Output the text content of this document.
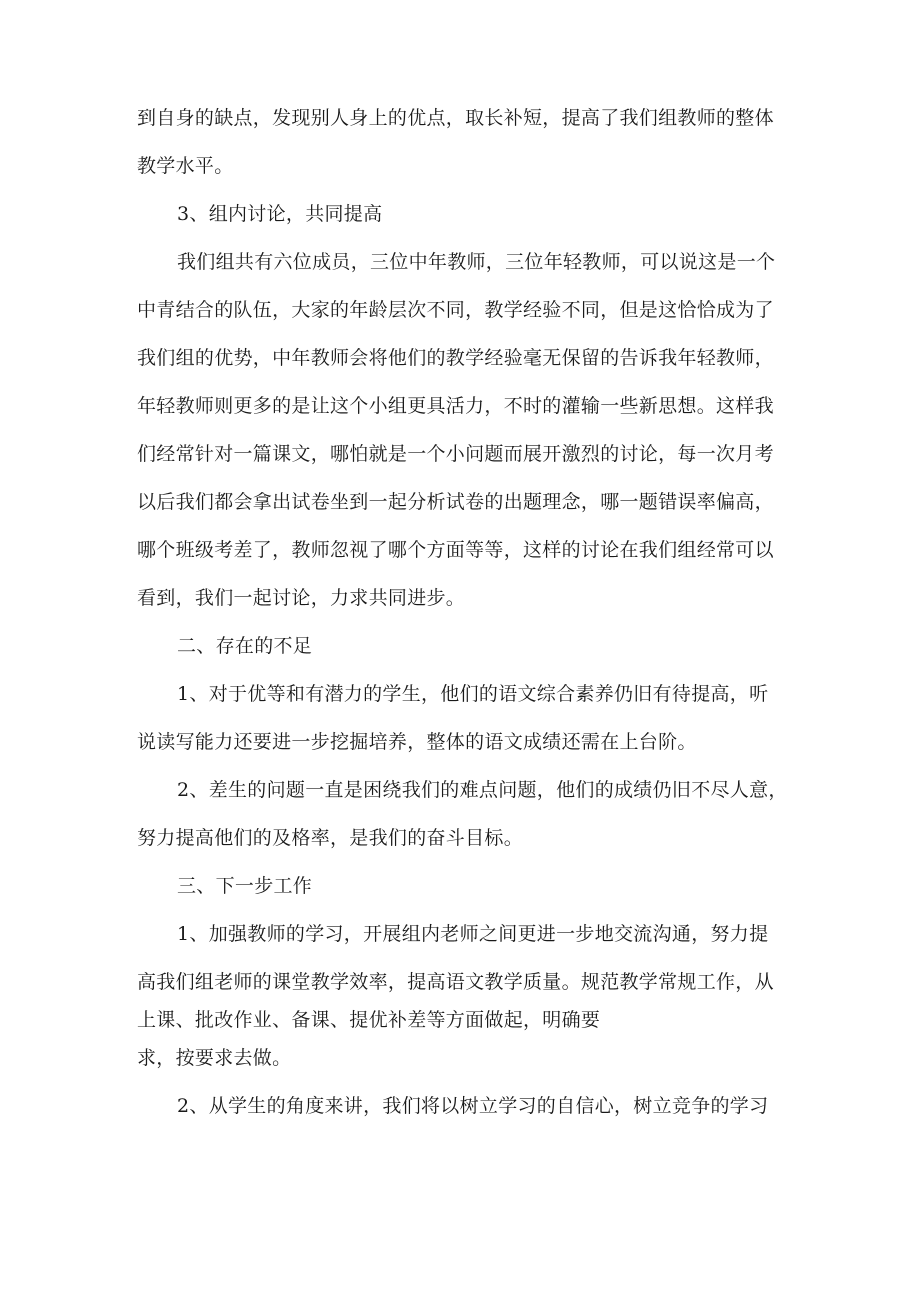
到自身的缺点，发现别人身上的优点，取长补短，提高了我们组教师的整体
教学水平。
3、组内讨论，共同提高
我们组共有六位成员，三位中年教师，三位年轻教师，可以说这是一个
中青结合的队伍，大家的年龄层次不同，教学经验不同，但是这恰恰成为了
我们组的优势，中年教师会将他们的教学经验毫无保留的告诉我年轻教师，
年轻教师则更多的是让这个小组更具活力，不时的灌输一些新思想。这样我
们经常针对一篇课文，哪怕就是一个小问题而展开激烈的讨论，每一次月考
以后我们都会拿出试卷坐到一起分析试卷的出题理念，哪一题错误率偏高，
哪个班级考差了，教师忽视了哪个方面等等，这样的讨论在我们组经常可以
看到，我们一起讨论，力求共同进步。
二、存在的不足
1、对于优等和有潜力的学生，他们的语文综合素养仍旧有待提高，听
说读写能力还要进一步挖掘培养，整体的语文成绩还需在上台阶。
2、差生的问题一直是困绕我们的难点问题，他们的成绩仍旧不尽人意，
努力提高他们的及格率，是我们的奋斗目标。
三、下一步工作
1、加强教师的学习，开展组内老师之间更进一步地交流沟通，努力提
高我们组老师的课堂教学效率，提高语文教学质量。规范教学常规工作，从
上课、批改作业、备课、提优补差等方面做起，明确要
求，按要求去做。
2、从学生的角度来讲，我们将以树立学习的自信心，树立竞争的学习
